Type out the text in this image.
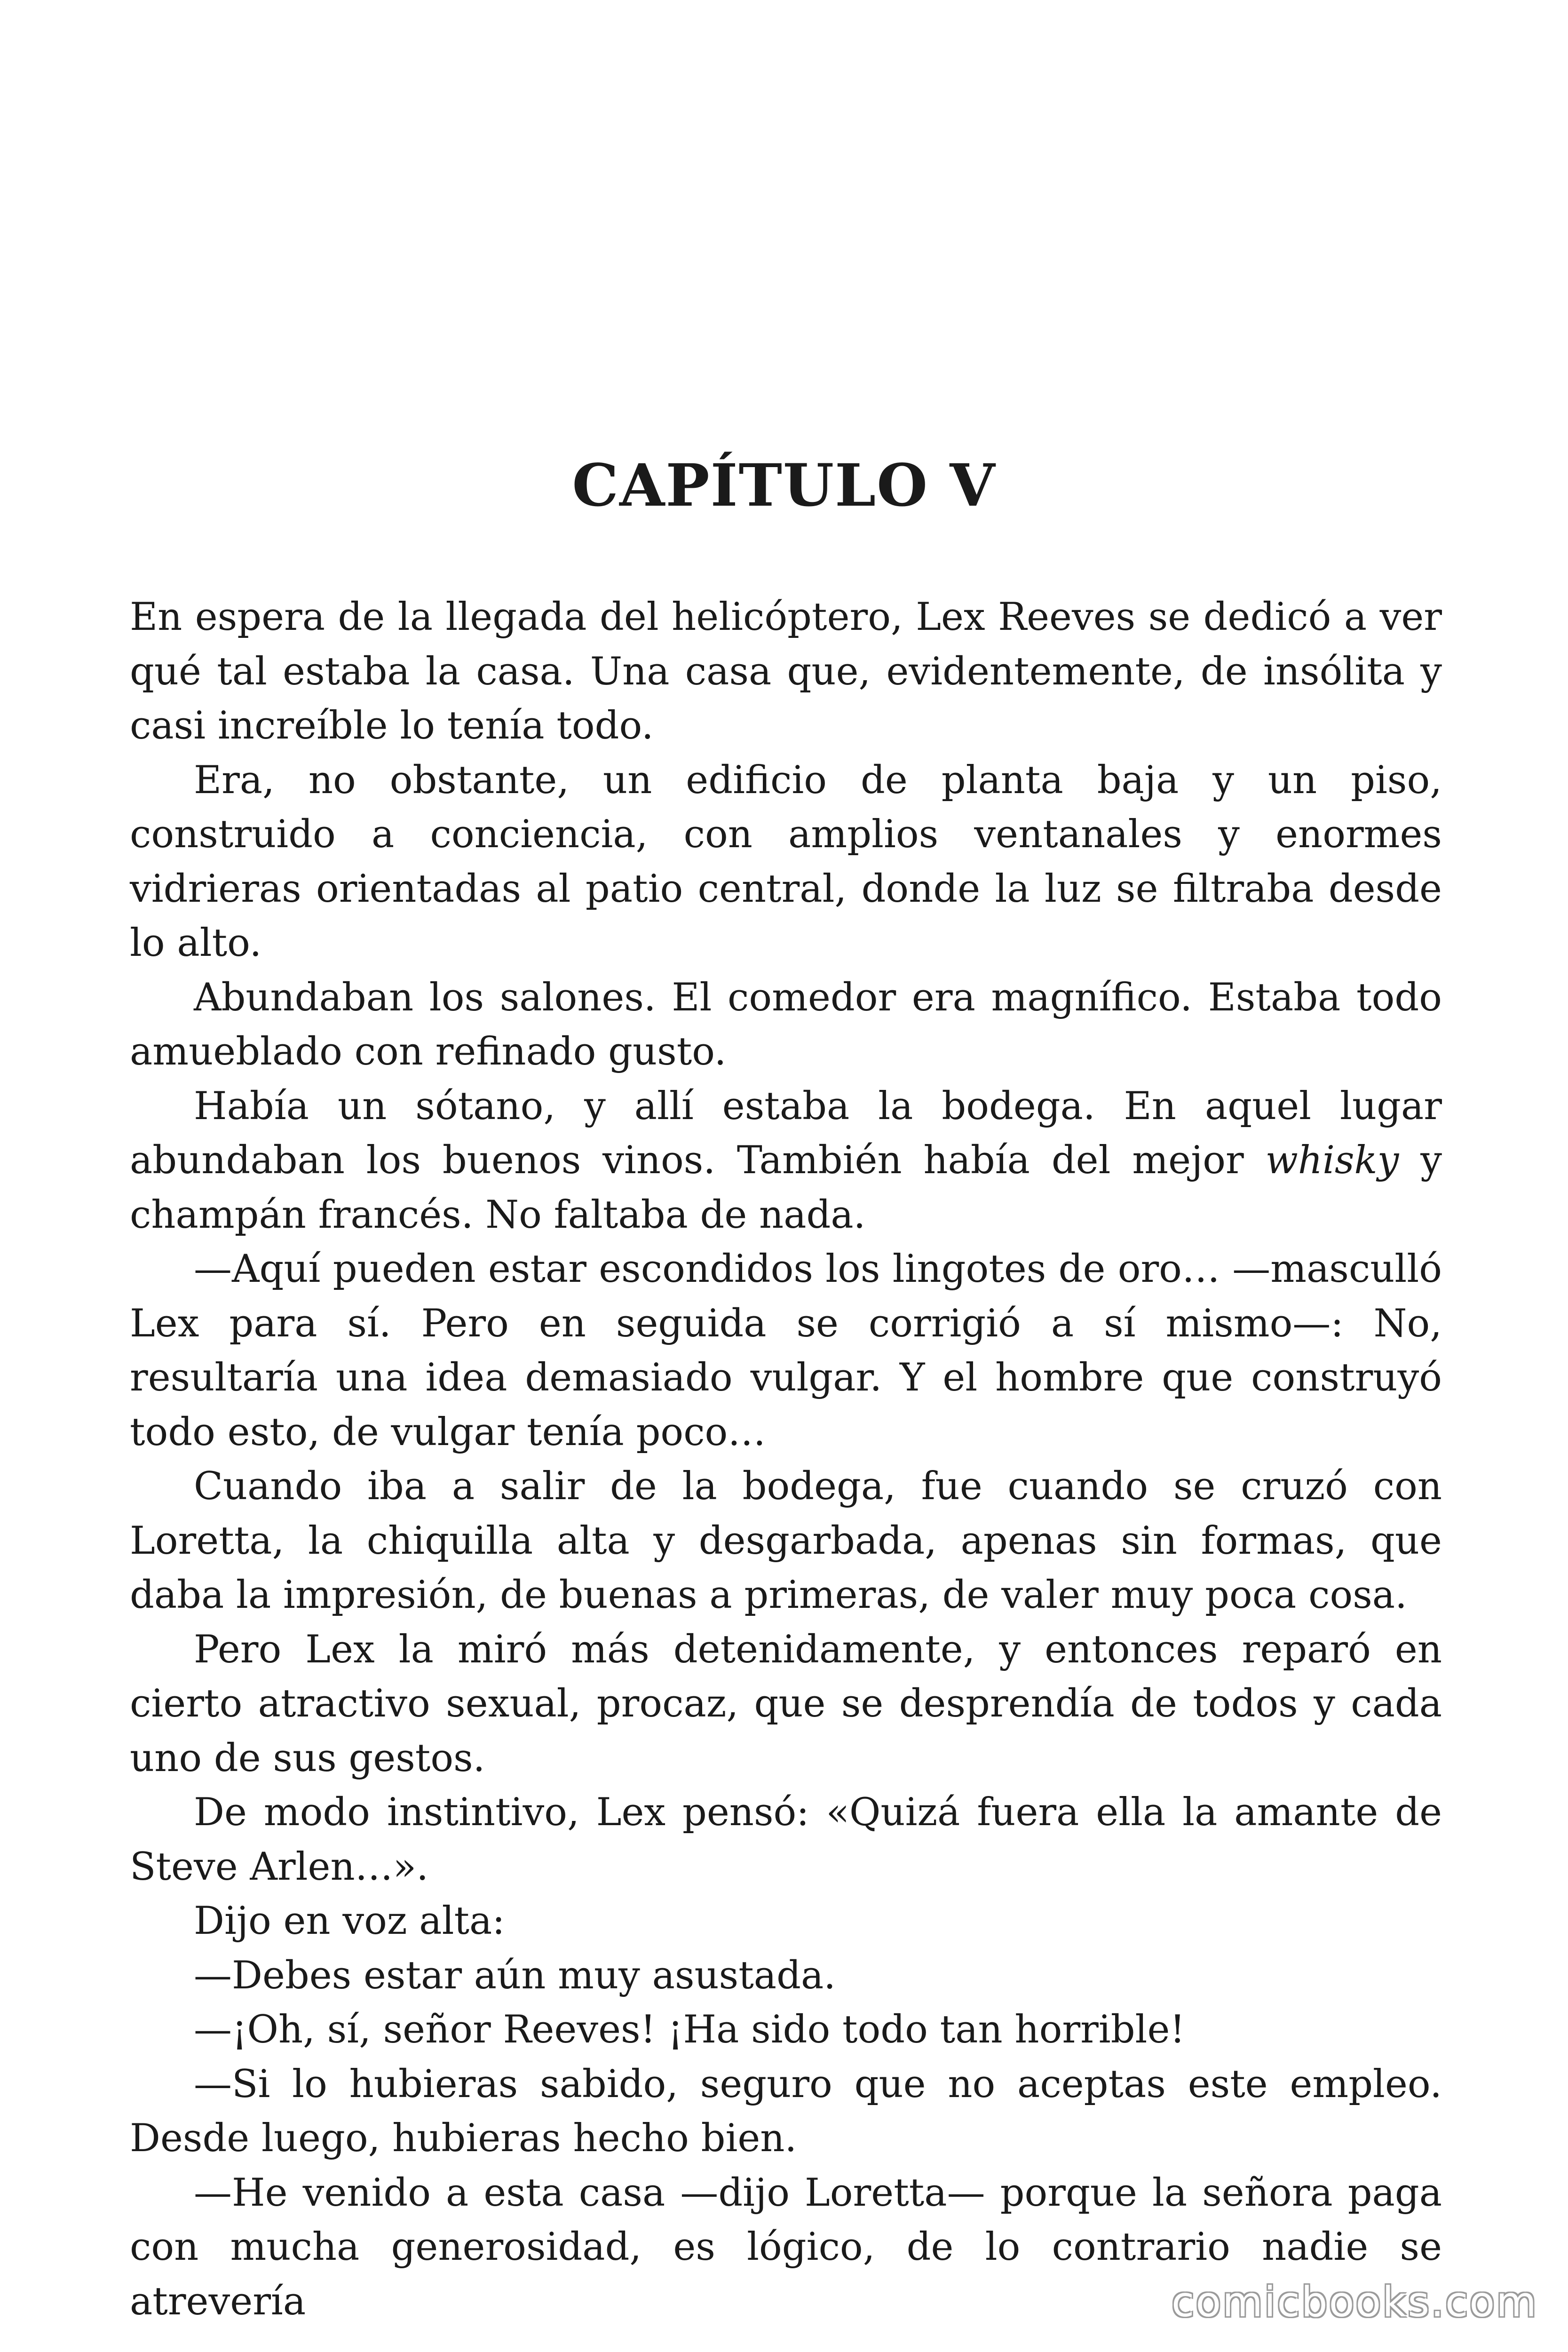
CAPÍTULO V

En espera de la llegada del helicóptero, Lex Reeves se dedicó a ver qué tal estaba la casa. Una casa que, evidentemente, de insólita y casi increíble lo tenía todo.

Era, no obstante, un edificio de planta baja y un piso, construido a conciencia, con amplios ventanales y enormes vidrieras orientadas al patio central, donde la luz se filtraba desde lo alto.

Abundaban los salones. El comedor era magnífico. Estaba todo amueblado con refinado gusto.

Había un sótano, y allí estaba la bodega. En aquel lugar abundaban los buenos vinos. También había del mejor whisky y champán francés. No faltaba de nada.

—Aquí pueden estar escondidos los lingotes de oro… —masculló Lex para sí. Pero en seguida se corrigió a sí mismo—: No, resultaría una idea demasiado vulgar. Y el hombre que construyó todo esto, de vulgar tenía poco…

Cuando iba a salir de la bodega, fue cuando se cruzó con Loretta, la chiquilla alta y desgarbada, apenas sin formas, que daba la impresión, de buenas a primeras, de valer muy poca cosa.

Pero Lex la miró más detenidamente, y entonces reparó en cierto atractivo sexual, procaz, que se desprendía de todos y cada uno de sus gestos.

De modo instintivo, Lex pensó: «Quizá fuera ella la amante de Steve Arlen…».

Dijo en voz alta:

—Debes estar aún muy asustada.

—¡Oh, sí, señor Reeves! ¡Ha sido todo tan horrible!

—Si lo hubieras sabido, seguro que no aceptas este empleo. Desde luego, hubieras hecho bien.

—He venido a esta casa —dijo Loretta— porque la señora paga con mucha generosidad, es lógico, de lo contrario nadie se atrevería	comicbooks.com
